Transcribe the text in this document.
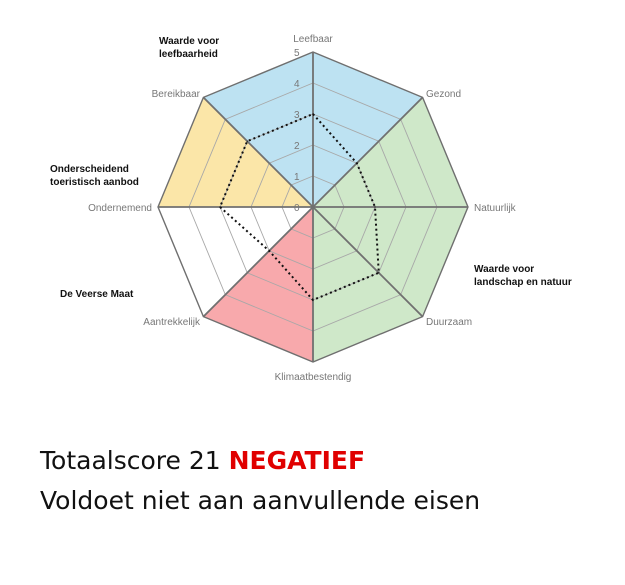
0
1
2
3
4
5
Leefbaar
Gezond
Natuurlijk
Duurzaam
Klimaatbestendig
Aantrekkelijk
Ondernemend
Bereikbaar
Waarde voor
leefbaarheid
Waarde voor
landschap en natuur
De Veerse Maat
Onderscheidend
toeristisch aanbod
Totaalscore 21 NEGATIEF
Voldoet niet aan aanvullende eisen
